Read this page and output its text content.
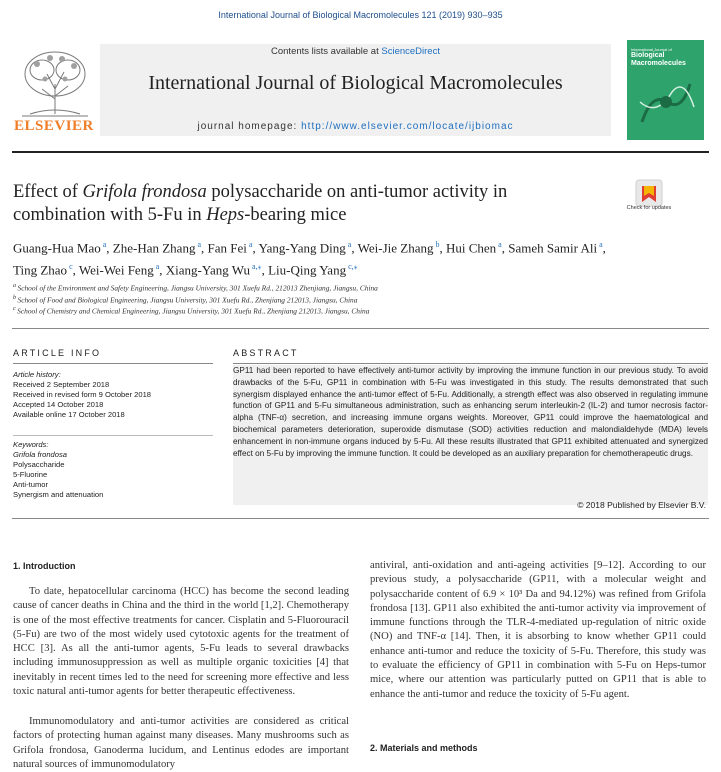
International Journal of Biological Macromolecules 121 (2019) 930–935
ELSEVIER
Contents lists available at ScienceDirect
International Journal of Biological Macromolecules
journal homepage: http://www.elsevier.com/locate/ijbiomac
International Journal of
Biological Macromolecules
Effect of Grifola frondosa polysaccharide on anti-tumor activity in
combination with 5-Fu in Heps-bearing mice	Check for updates
Guang-Hua Mao $^a$, Zhe-Han Zhang $^a$, Fan Fei $^a$, Yang-Yang Ding $^a$, Wei-Jie Zhang $^b$, Hui Chen $^a$, Sameh Samir Ali $^a$,
Ting Zhao $^c$, Wei-Wei Feng $^a$, Xiang-Yang Wu $^{a,⁎}$, Liu-Qing Yang $^{c,⁎}$
$^a$ School of the Environment and Safety Engineering, Jiangsu University, 301 Xuefu Rd., 212013 Zhenjiang, Jiangsu, China
$^b$ School of Food and Biological Engineering, Jiangsu University, 301 Xuefu Rd., Zhenjiang 212013, Jiangsu, China
$^c$ School of Chemistry and Chemical Engineering, Jiangsu University, 301 Xuefu Rd., Zhenjiang 212013, Jiangsu, China
ARTICLE INFO	ABSTRACT
Article history:
Received 2 September 2018
Received in revised form 9 October 2018
Accepted 14 October 2018
Available online 17 October 2018
Keywords:
Grifola frondosa
Polysaccharide
5-Fluorine
Anti-tumor
Synergism and attenuation
GP11 had been reported to have effectively anti-tumor activity by improving the immune function in our previous study. To avoid drawbacks of the 5-Fu, GP11 in combination with 5-Fu was investigated in this study. The results demonstrated that such synergism displayed enhance the anti-tumor effect of 5-Fu. Additionally, a strength effect was also observed in regulating immune function of GP11 and 5-Fu simultaneous administration, such as enhancing serum interleukin-2 (IL-2) and tumor necrosis factor-alpha (TNF-α) secretion, and increasing immune organs weights. Moreover, GP11 could improve the haematological and biochemical parameters deterioration, superoxide dismutase (SOD) activities reduction and malondialdehyde (MDA) levels enhancement in non-immune organs induced by 5-Fu. All these results illustrated that GP11 exhibited attenuated and synergized effect on 5-Fu by improving the immune function. It could be developed as an auxiliary preparation for chemotherapeutic drugs.
© 2018 Published by Elsevier B.V.
1. Introduction
To date, hepatocellular carcinoma (HCC) has become the second leading cause of cancer deaths in China and the third in the world [1,2]. Chemotherapy is one of the most effective treatments for cancer. Cisplatin and 5-Fluorouracil (5-Fu) are two of the most widely used cytotoxic agents for the treatment of HCC [3]. As all the anti-tumor agents, 5-Fu leads to several drawbacks including immunosuppression as well as multiple organic toxicities [4] that inevitably in recent times led to the need for screening more effective and less toxic natural anti-tumor agents for better therapeutic effectiveness.
Immunomodulatory and anti-tumor activities are considered as critical factors of protecting human against many diseases. Many mushrooms such as Grifola frondosa, Ganoderma lucidum, and Lentinus edodes are important natural sources of immunomodulatory
antiviral, anti-oxidation and anti-ageing activities [9–12]. According to our previous study, a polysaccharide (GP11, with a molecular weight and polysaccharide content of 6.9 × 10³ Da and 94.12%) was refined from Grifola frondosa [13]. GP11 also exhibited the anti-tumor activity via improvement of immune functions through the TLR-4-mediated up-regulation of nitric oxide (NO) and TNF-α [14]. Then, it is absorbing to know whether GP11 could enhance anti-tumor and reduce the toxicity of 5-Fu. Therefore, this study was to evaluate the efficiency of GP11 in combination with 5-Fu on Heps-tumor mice, where our attention was particularly putted on GP11 that is able to enhance the anti-tumor and reduce the toxicity of 5-Fu agent.
2. Materials and methods
